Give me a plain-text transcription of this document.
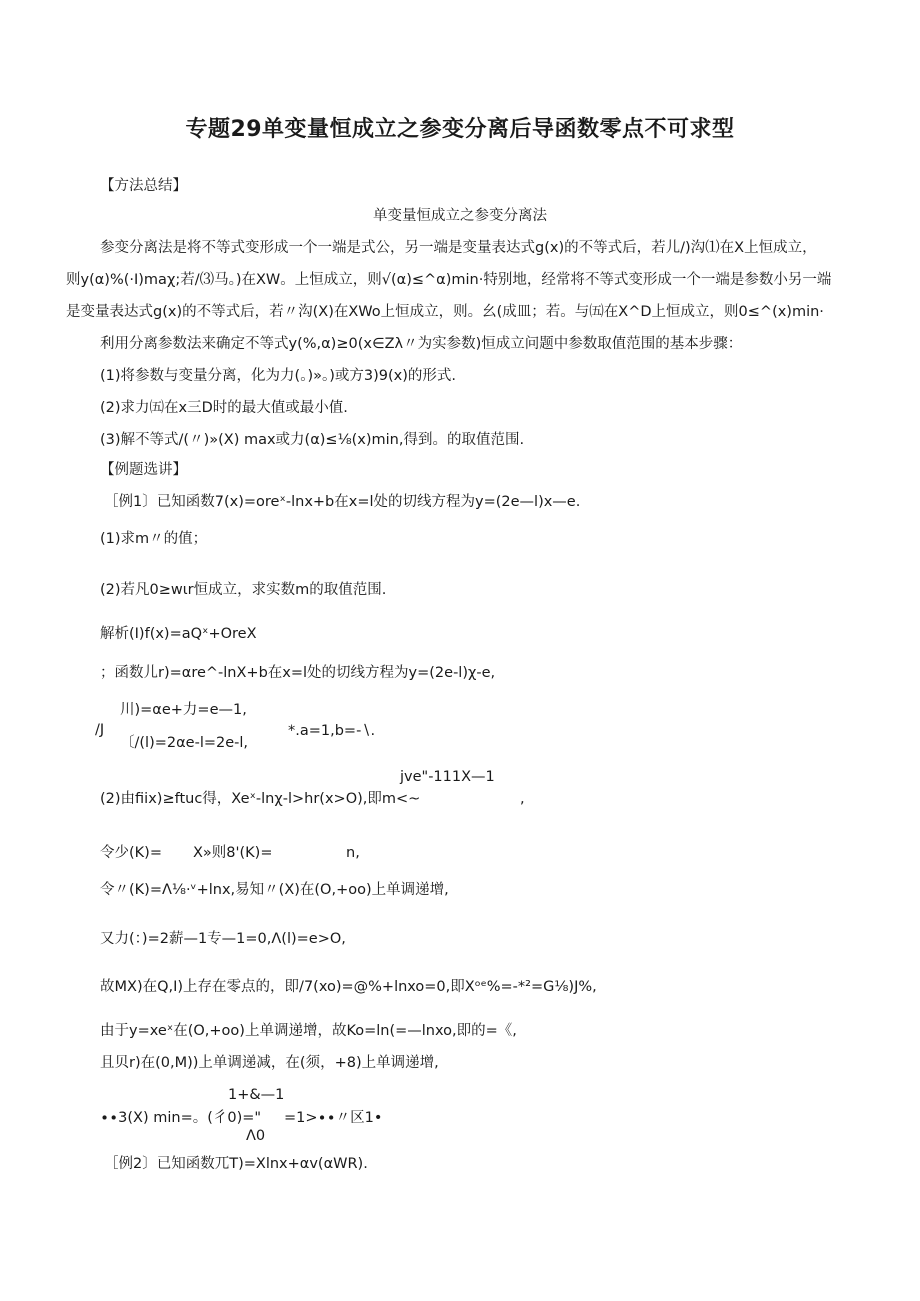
专题29单变量恒成立之参变分离后导函数零点不可求型
【方法总结】
单变量恒成立之参变分离法
参变分离法是将不等式变形成一个一端是式公，另一端是变量表达式g(x)的不等式后，若儿/)沟⑴在X上恒成立，
则y(α)%(·I)maχ;若/⑶马。)在XW。上恒成立，则√(α)≤^α)min·特别地，经常将不等式变形成一个一端是参数小另一端
是变量表达式g(x)的不等式后，若〃沟(X)在XWo上恒成立，则。幺(成皿；若。与㈤在X^D上恒成立，则0≤^(x)min·
利用分离参数法来确定不等式y(%,α)≥0(x∈Zλ〃为实参数)恒成立问题中参数取值范围的基本步骤：
(1)将参数与变量分离，化为力(。)»。)或方3)9(x)的形式.
(2)求力㈤在x三D时的最大值或最小值.
(3)解不等式/(〃)»(X) max或力(α)≤⅛(x)min,得到。的取值范围.
【例题选讲】
［例1〕已知函数7(x)=oreˣ-lnx+b在x=l处的切线方程为y=(2e—l)x—e.
(1)求m〃的值；
(2)若凡0≥wιr恒成立，求实数m的取值范围.
解析(I)f(x)=aQˣ+OreX
；函数儿r)=αre^-lnX+b在x=l处的切线方程为y=(2e-l)χ-e,
/J
川)=αe+力=e—1,
〔/(l)=2αe-l=2e-l,
*.a=1,b=-∖.
jve"-111X—1
(2)由fiix)≥ftuc得，Xeˣ-lnχ-l>hr(x>O),即m<~	,
令少(K)= X»则8'(K)=	n,
令〃(K)=Λ⅛·ᵛ+lnx,易知〃(X)在(O,+oo)上单调递增,
又力(：)=2薪—1专—1=0,Λ(l)=e>O,
故MX)在Q,I)上存在零点的，即/7(xo)=@%+lnxo=0,即Xᵒᵉ%=-*²=G⅛)J%,
由于y=xeˣ在(O,+oo)上单调递增，故Ko=ln(=—lnxo,即的=《,
且贝r)在(0,M))上单调递减，在(须，+8)上单调递增,
1+&—1
∙∙3(X) min=。(彳0)=" =1>∙∙〃区1•
Λ0
［例2〕已知函数兀T)=Xlnx+αv(αWR).
